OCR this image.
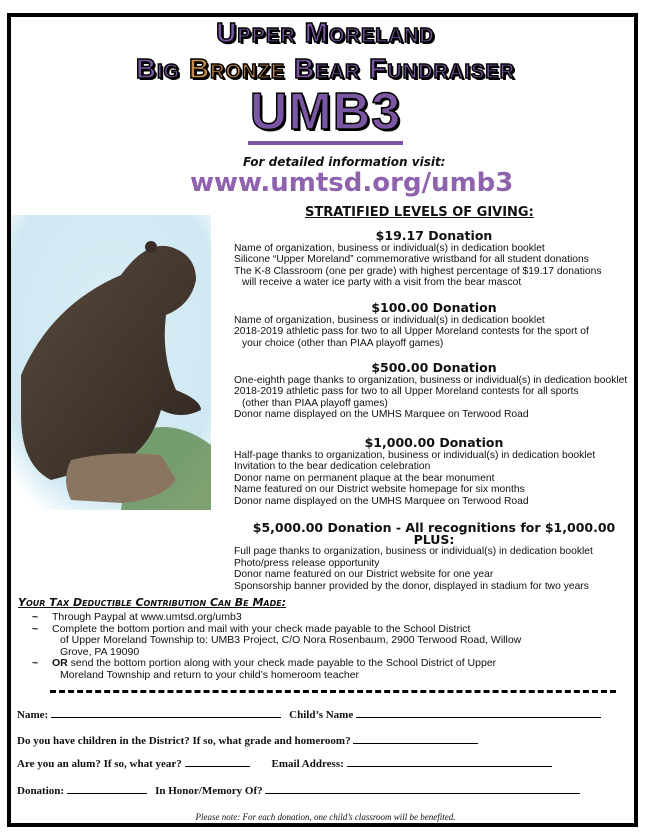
Upper Moreland
Big Bronze Bear Fundraiser
UMB3
For detailed information visit:
www.umtsd.org/umb3
STRATIFIED LEVELS OF GIVING:
$19.17 Donation
Name of organization, business or individual(s) in dedication booklet
Silicone “Upper Moreland” commemorative wristband for all student donations
The K-8 Classroom (one per grade) with highest percentage of $19.17 donations
will receive a water ice party with a visit from the bear mascot
$100.00 Donation
Name of organization, business or individual(s) in dedication booklet
2018-2019 athletic pass for two to all Upper Moreland contests for the sport of
your choice (other than PIAA playoff games)
$500.00 Donation
One-eighth page thanks to organization, business or individual(s) in dedication booklet
2018-2019 athletic pass for two to all Upper Moreland contests for all sports
(other than PIAA playoff games)
Donor name displayed on the UMHS Marquee on Terwood Road
$1,000.00 Donation
Half-page thanks to organization, business or individual(s) in dedication booklet
Invitation to the bear dedication celebration
Donor name on permanent plaque at the bear monument
Name featured on our District website homepage for six months
Donor name displayed on the UMHS Marquee on Terwood Road
$5,000.00 Donation - All recognitions for $1,000.00 PLUS:
Full page thanks to organization, business or individual(s) in dedication booklet
Photo/press release opportunity
Donor name featured on our District website for one year
Sponsorship banner provided by the donor, displayed in stadium for two years
Your Tax Deductible Contribution Can Be Made:
~ Through Paypal at www.umtsd.org/umb3
~ Complete the bottom portion and mail with your check made payable to the School District
of Upper Moreland Township to: UMB3 Project, C/O Nora Rosenbaum, 2900 Terwood Road, Willow
Grove, PA 19090
~ OR send the bottom portion along with your check made payable to the School District of Upper
Moreland Township and return to your child’s homeroom teacher
Name:	Child’s Name
Do you have children in the District? If so, what grade and homeroom?
Are you an alum? If so, what year?	Email Address:
Donation:	In Honor/Memory Of?
Please note: For each donation, one child’s classroom will be benefited.
